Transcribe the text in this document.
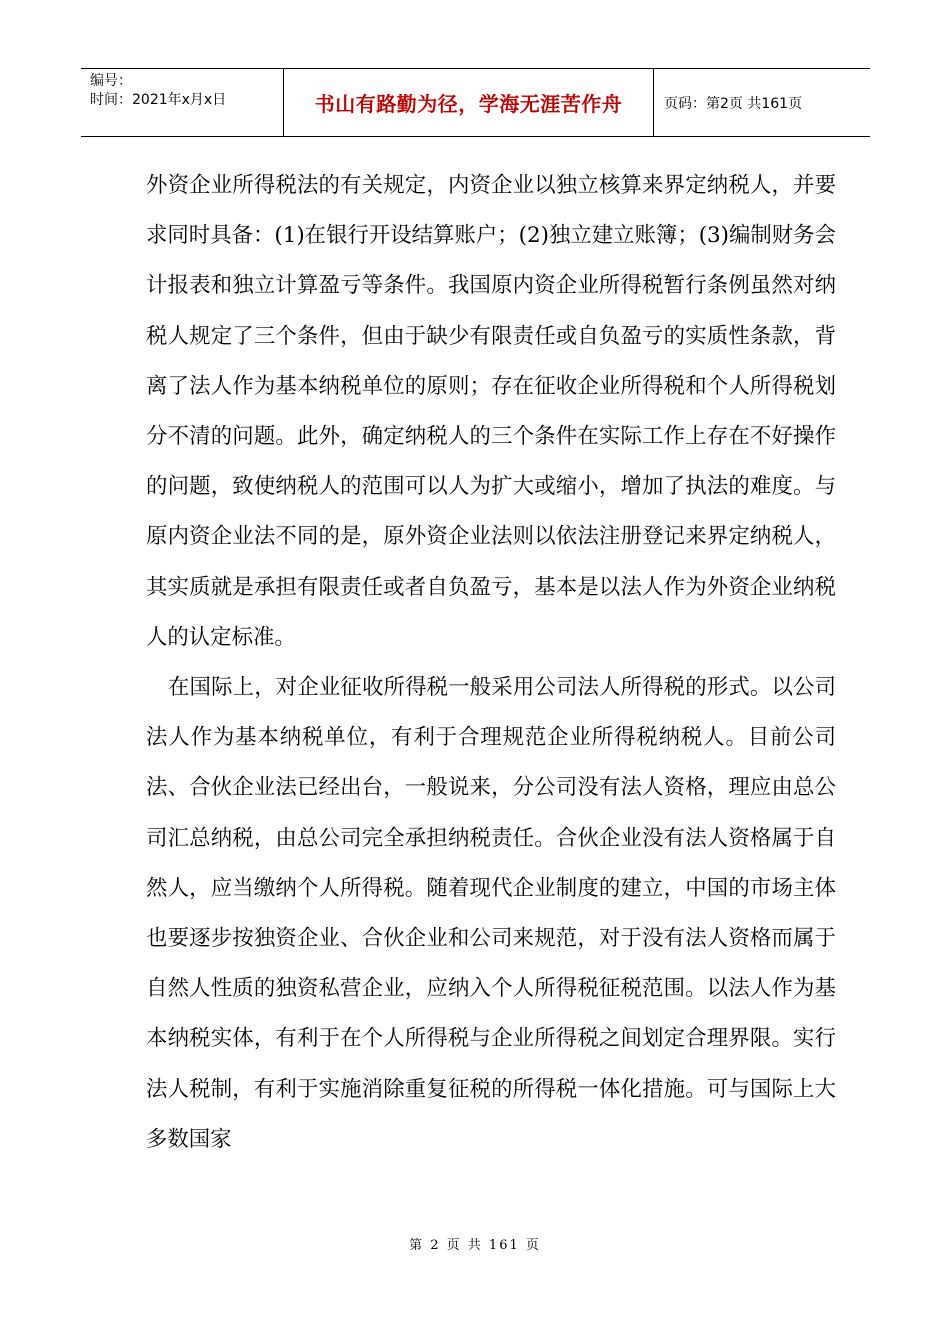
编号：
时间：2021年x月x日	书山有路勤为径，学海无涯苦作舟	页码：第2页 共161页

外资企业所得税法的有关规定，内资企业以独立核算来界定纳税人，并要求同时具备：(1)在银行开设结算账户；(2)独立建立账簿；(3)编制财务会计报表和独立计算盈亏等条件。我国原内资企业所得税暂行条例虽然对纳税人规定了三个条件，但由于缺少有限责任或自负盈亏的实质性条款，背离了法人作为基本纳税单位的原则；存在征收企业所得税和个人所得税划分不清的问题。此外，确定纳税人的三个条件在实际工作上存在不好操作的问题，致使纳税人的范围可以人为扩大或缩小，增加了执法的难度。与原内资企业法不同的是，原外资企业法则以依法注册登记来界定纳税人，其实质就是承担有限责任或者自负盈亏，基本是以法人作为外资企业纳税人的认定标准。

在国际上，对企业征收所得税一般采用公司法人所得税的形式。以公司法人作为基本纳税单位，有利于合理规范企业所得税纳税人。目前公司法、合伙企业法已经出台，一般说来，分公司没有法人资格，理应由总公司汇总纳税，由总公司完全承担纳税责任。合伙企业没有法人资格属于自然人，应当缴纳个人所得税。随着现代企业制度的建立，中国的市场主体也要逐步按独资企业、合伙企业和公司来规范，对于没有法人资格而属于自然人性质的独资私营企业，应纳入个人所得税征税范围。以法人作为基本纳税实体，有利于在个人所得税与企业所得税之间划定合理界限。实行法人税制，有利于实施消除重复征税的所得税一体化措施。可与国际上大多数国家

第 2 页 共 161 页
